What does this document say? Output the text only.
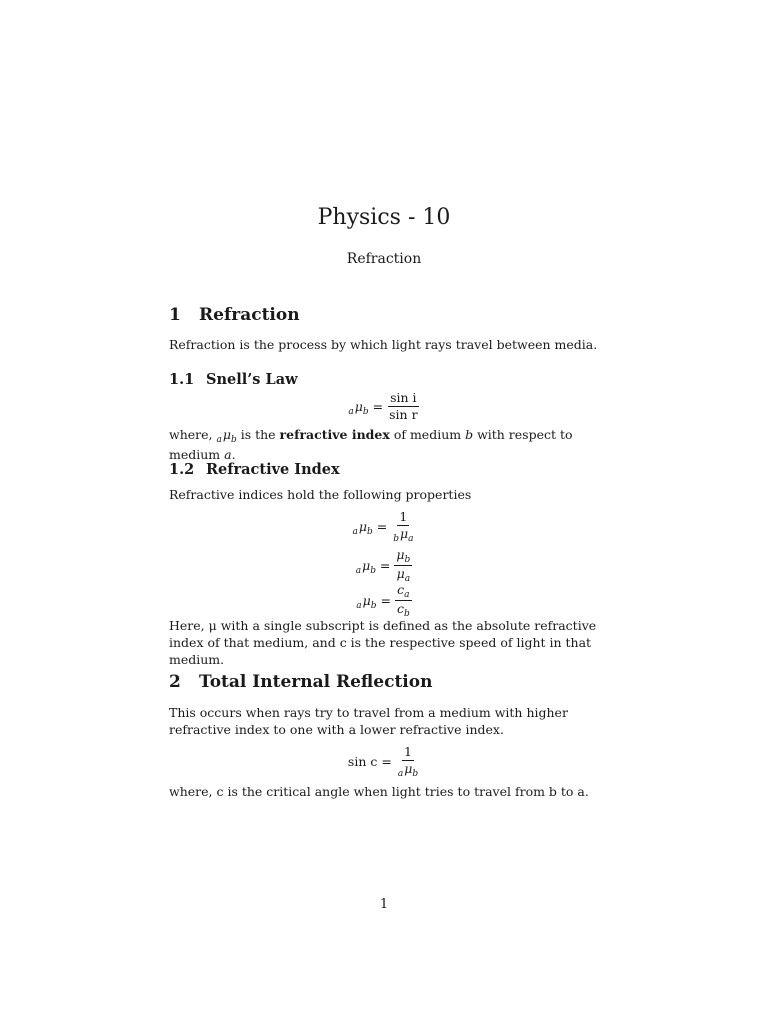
Physics - 10
Refraction
1 Refraction
Refraction is the process by which light rays travel between media.
1.1 Snell’s Law
$_a\mu_b = \frac{\text{sin i}}{\text{sin r}}$
where, $_a\mu_b$ is the refractive index of medium b with respect to medium a.
1.2 Refractive Index
Refractive indices hold the following properties
$_a\mu_b = \frac{1}{_b\mu_a}$
$_a\mu_b = \frac{\mu_b}{\mu_a}$
$_a\mu_b = \frac{c_a}{c_b}$
Here, μ with a single subscript is defined as the absolute refractive index of that medium, and c is the respective speed of light in that medium.
2 Total Internal Reflection
This occurs when rays try to travel from a medium with higher refractive index to one with a lower refractive index.
$\sin c = \frac{1}{_a\mu_b}$
where, c is the critical angle when light tries to travel from b to a.
1
